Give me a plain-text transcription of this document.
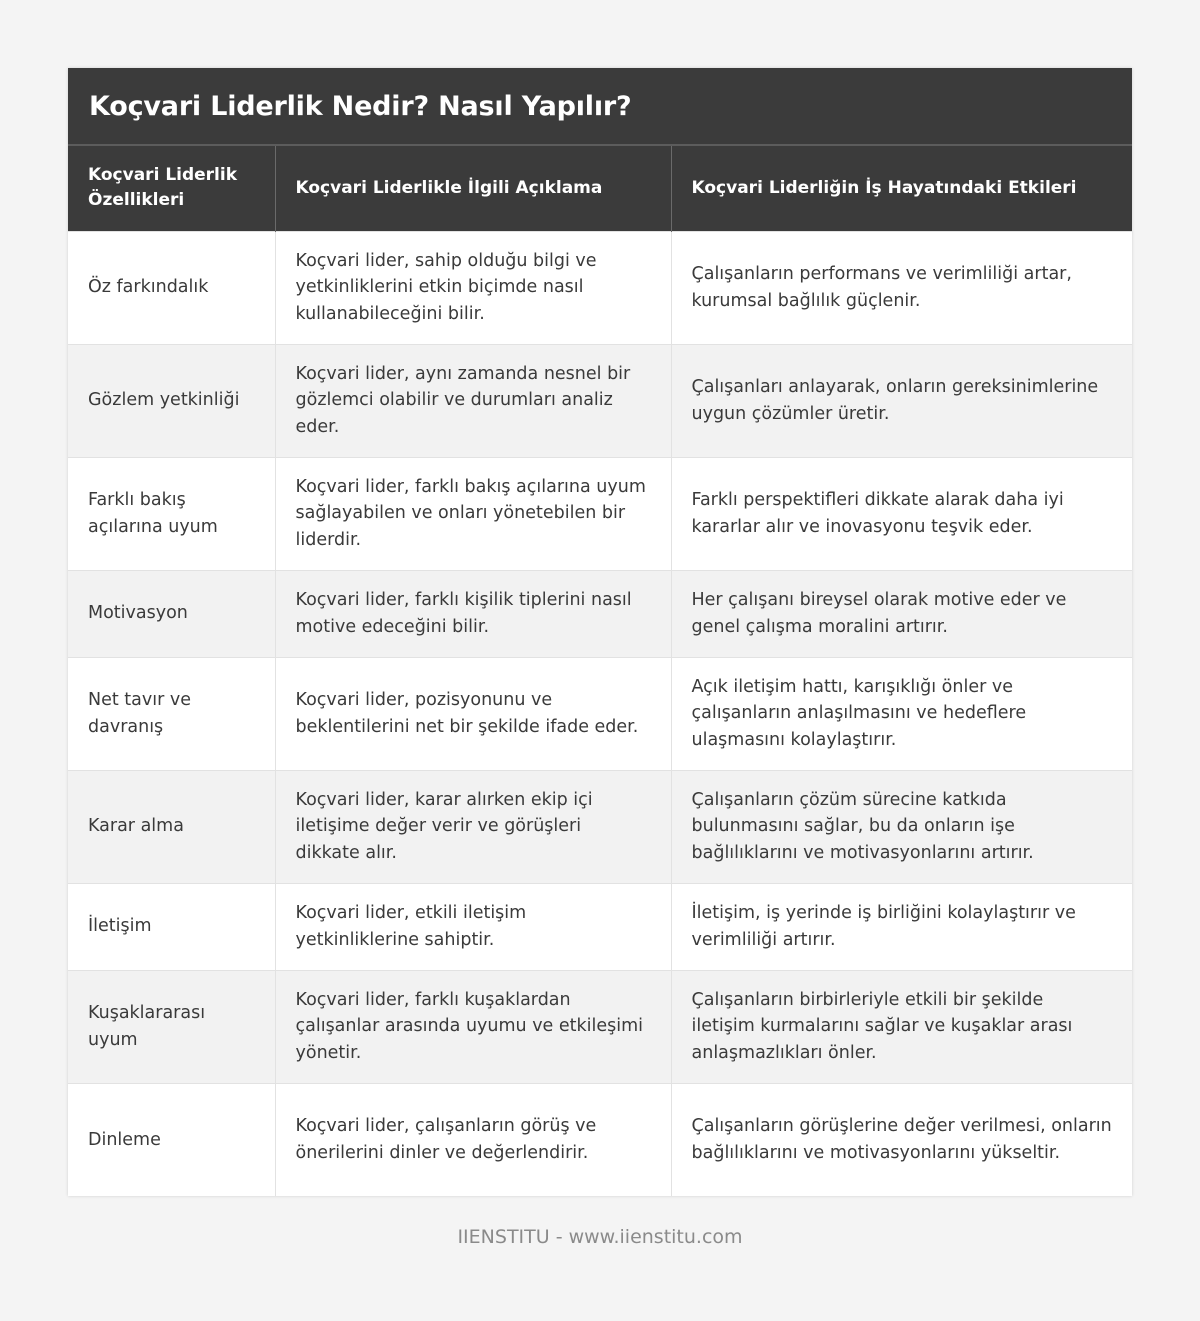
Koçvari Liderlik Nedir? Nasıl Yapılır?
Koçvari Liderlik Özellikleri	Koçvari Liderlikle İlgili Açıklama	Koçvari Liderliğin İş Hayatındaki Etkileri
Öz farkındalık	Koçvari lider, sahip olduğu bilgi ve yetkinliklerini etkin biçimde nasıl kullanabileceğini bilir.	Çalışanların performans ve verimliliği artar, kurumsal bağlılık güçlenir.
Gözlem yetkinliği	Koçvari lider, aynı zamanda nesnel bir gözlemci olabilir ve durumları analiz eder.	Çalışanları anlayarak, onların gereksinimlerine uygun çözümler üretir.
Farklı bakış açılarına uyum	Koçvari lider, farklı bakış açılarına uyum sağlayabilen ve onları yönetebilen bir liderdir.	Farklı perspektifleri dikkate alarak daha iyi kararlar alır ve inovasyonu teşvik eder.
Motivasyon	Koçvari lider, farklı kişilik tiplerini nasıl motive edeceğini bilir.	Her çalışanı bireysel olarak motive eder ve genel çalışma moralini artırır.
Net tavır ve davranış	Koçvari lider, pozisyonunu ve beklentilerini net bir şekilde ifade eder.	Açık iletişim hattı, karışıklığı önler ve çalışanların anlaşılmasını ve hedeflere ulaşmasını kolaylaştırır.
Karar alma	Koçvari lider, karar alırken ekip içi iletişime değer verir ve görüşleri dikkate alır.	Çalışanların çözüm sürecine katkıda bulunmasını sağlar, bu da onların işe bağlılıklarını ve motivasyonlarını artırır.
İletişim	Koçvari lider, etkili iletişim yetkinliklerine sahiptir.	İletişim, iş yerinde iş birliğini kolaylaştırır ve verimliliği artırır.
Kuşaklararası uyum	Koçvari lider, farklı kuşaklardan çalışanlar arasında uyumu ve etkileşimi yönetir.	Çalışanların birbirleriyle etkili bir şekilde iletişim kurmalarını sağlar ve kuşaklar arası anlaşmazlıkları önler.
Dinleme	Koçvari lider, çalışanların görüş ve önerilerini dinler ve değerlendirir.	Çalışanların görüşlerine değer verilmesi, onların bağlılıklarını ve motivasyonlarını yükseltir.
IIENSTITU - www.iienstitu.com
